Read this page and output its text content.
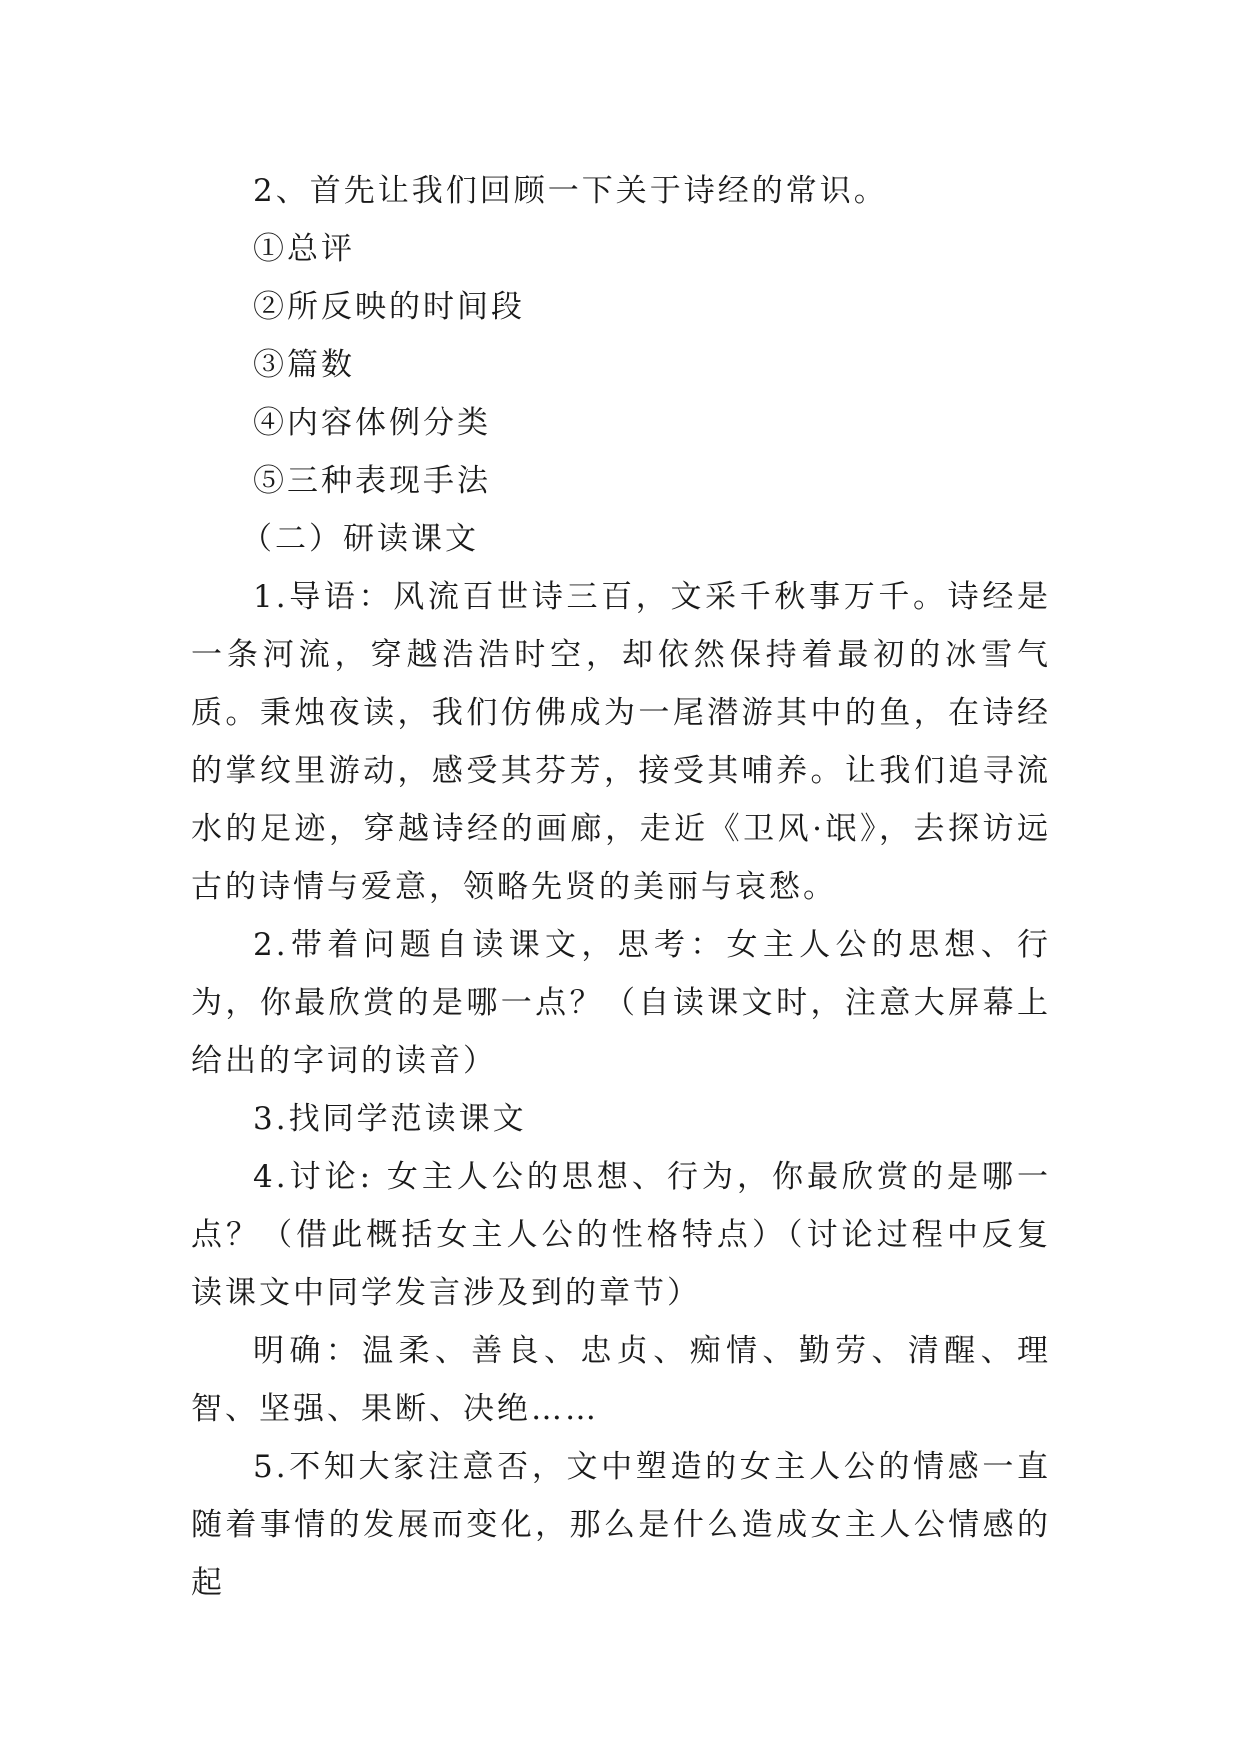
2、首先让我们回顾一下关于诗经的常识。
①总评
②所反映的时间段
③篇数
④内容体例分类
⑤三种表现手法
（二）研读课文

1.导语：风流百世诗三百，文采千秋事万千。诗经是一条河流，穿越浩浩时空，却依然保持着最初的冰雪气质。秉烛夜读，我们仿佛成为一尾潜游其中的鱼，在诗经的掌纹里游动，感受其芬芳，接受其哺养。让我们追寻流水的足迹，穿越诗经的画廊，走近《卫风·氓》，去探访远古的诗情与爱意，领略先贤的美丽与哀愁。

2.带着问题自读课文，思考：女主人公的思想、行为，你最欣赏的是哪一点？（自读课文时，注意大屏幕上给出的字词的读音）

3.找同学范读课文

4.讨论: 女主人公的思想、行为，你最欣赏的是哪一点？（借此概括女主人公的性格特点）（讨论过程中反复读课文中同学发言涉及到的章节）

明确：温柔、善良、忠贞、痴情、勤劳、清醒、理智、坚强、果断、决绝……

5.不知大家注意否，文中塑造的女主人公的情感一直随着事情的发展而变化，那么是什么造成女主人公情感的起
